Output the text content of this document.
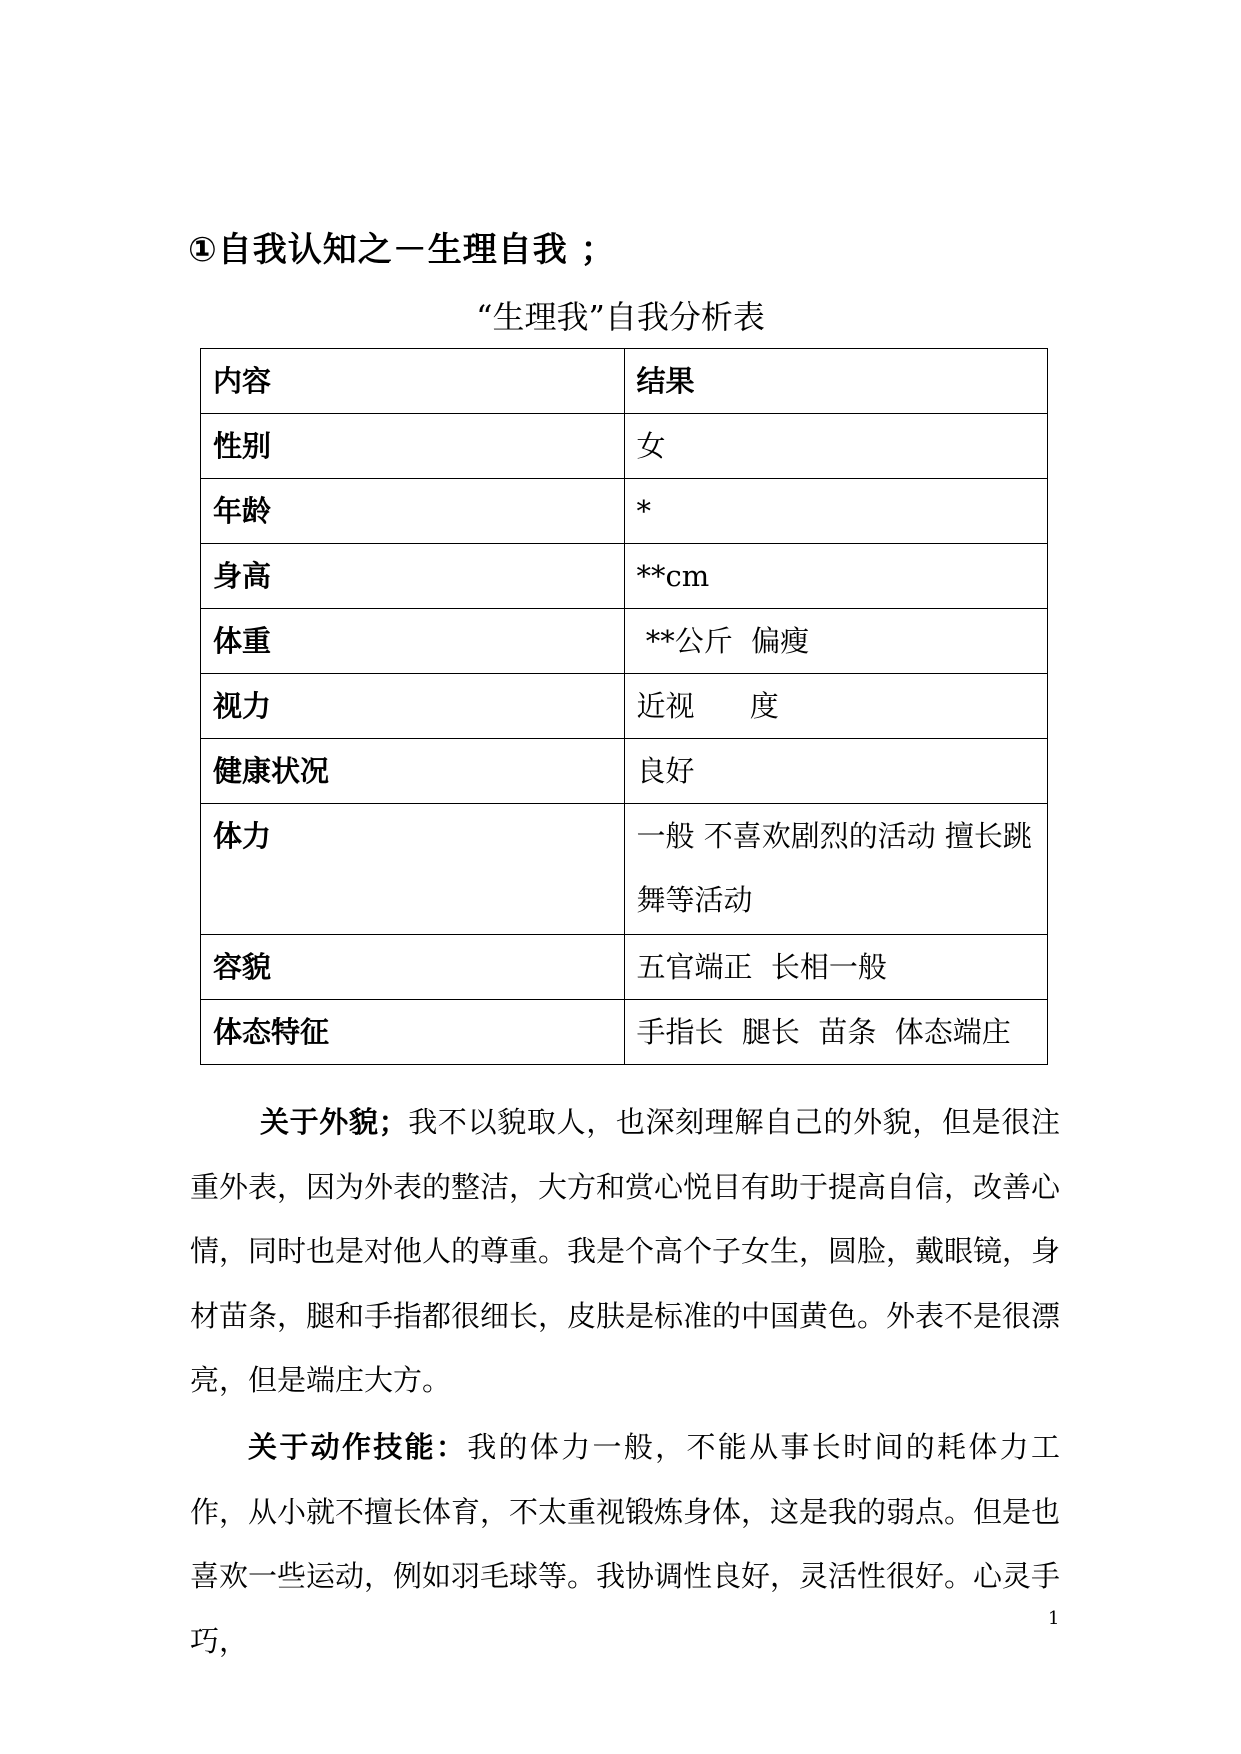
①自我认知之－生理自我 ；
“生理我”自我分析表
内容	结果
性别	女
年龄	*
身高	**cm
体重	**公斤  偏瘦
视力	近视      度
健康状况	良好
体力	一般 不喜欢剧烈的活动 擅长跳舞等活动
容貌	五官端正  长相一般
体态特征	手指长  腿长  苗条  体态端庄
关于外貌；我不以貌取人，也深刻理解自己的外貌，但是很注重外表，因为外表的整洁，大方和赏心悦目有助于提高自信，改善心情，同时也是对他人的尊重。我是个高个子女生，圆脸，戴眼镜，身材苗条，腿和手指都很细长，皮肤是标准的中国黄色。外表不是很漂亮，但是端庄大方。
关于动作技能：我的体力一般，不能从事长时间的耗体力工作，从小就不擅长体育，不太重视锻炼身体，这是我的弱点。但是也喜欢一些运动，例如羽毛球等。我协调性良好，灵活性很好。心灵手巧，
1
